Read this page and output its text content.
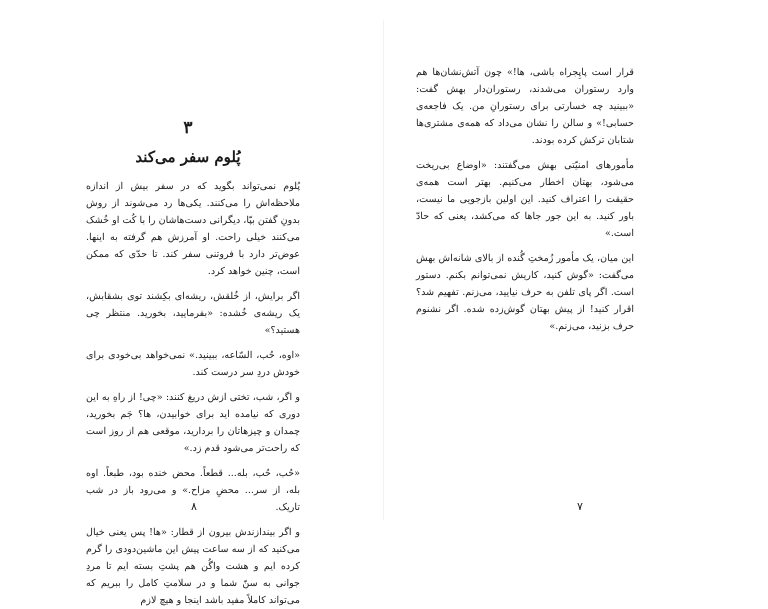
۳
پُلوم سفر می‌کند

پُلوم نمی‌تواند بگوید که در سفر بیش از اندازه ملاحظه‌اش را می‌کنند. یکی‌ها رد می‌شوند از روش بدونِ گفتن بپّا، دیگرانی دست‌هاشان را با کُت او خُشک می‌کنند خیلی راحت. او آمرزش هم گرفته به اینها. عوض‌تر دارد با فروتنی سفر کند. تا حدّی که ممکن است، چنین خواهد کرد.

اگر برایش، از خُلقش، ریشه‌ای بکِشند توی بشقابش، یک ریشه‌ی خُشده: «بفرمایید، بخورید. منتظر چی هستید؟»

«اوه، حُب، السّاعه، ببینید.» نمی‌خواهد بی‌خودی برای خودش دردِ سر درست کند.

و اگر، شب، تختی ازش دریغ کنند: «چی! از راهِ به این دوری که نیامده اید برای خوابیدن، ها؟ جَم بخورید، چمدان و چیزهاتان را بردارید، موقعی هم از روز است که راحت‌تر می‌شود قدم زد.»

«حُب، حُب، بله... قطعاً. محض خنده بود، طبعاً. اوه بله، از سر... محضِ مزاح.» و می‌رود باز در شب تاریک.

و اگر بیندازندش بیرون از قطار: «ها! پس یعنی خیال می‌کنید که از سه ساعت پیش این ماشین‌دودی را گرم کرده ایم و هشت واگُن هم پشتِ بسته ایم تا مردِ جوانی به سنّ شما و در سلامتِ کامل را ببریم که می‌تواند کاملاً مفید باشد اینجا و هیچ لازم

۸

قرار است پاپِجراه باشی، ها!» چون آتش‌نشان‌ها هم وارد رستوران می‌شدند، رستوران‌دار بهش گفت: «ببینید چه خسارتی برای رستورانِ من. یک فاجعه‌ی حسابی!» و سالن را نشان می‌داد که همه‌ی مشتری‌ها شتابان ترکش کرده بودند.

مأمورهای امنیّتی بهش می‌گفتند: «اوضاع بی‌ریخت می‌شود، بهتان اخطار می‌کنیم. بهتر است همه‌ی حقیقت را اعتراف کنید. این اولین بازجویی ما نیست، باور کنید. به این جور جاها که می‌کشد، یعنی که حادّ است.»

این میان، یک مأمور زُمختِ گُنده از بالای شانه‌اش بهش می‌گفت: «گوش کنید، کاریش نمی‌توانم بکنم. دستور است. اگر پای تلفن به حرف نیایید، می‌زنم. تفهیم شد؟ اقرار کنید! از پیش بهتان گوش‌زده شده. اگر نشنوم حرف بزنید، می‌زنم.»

۷
